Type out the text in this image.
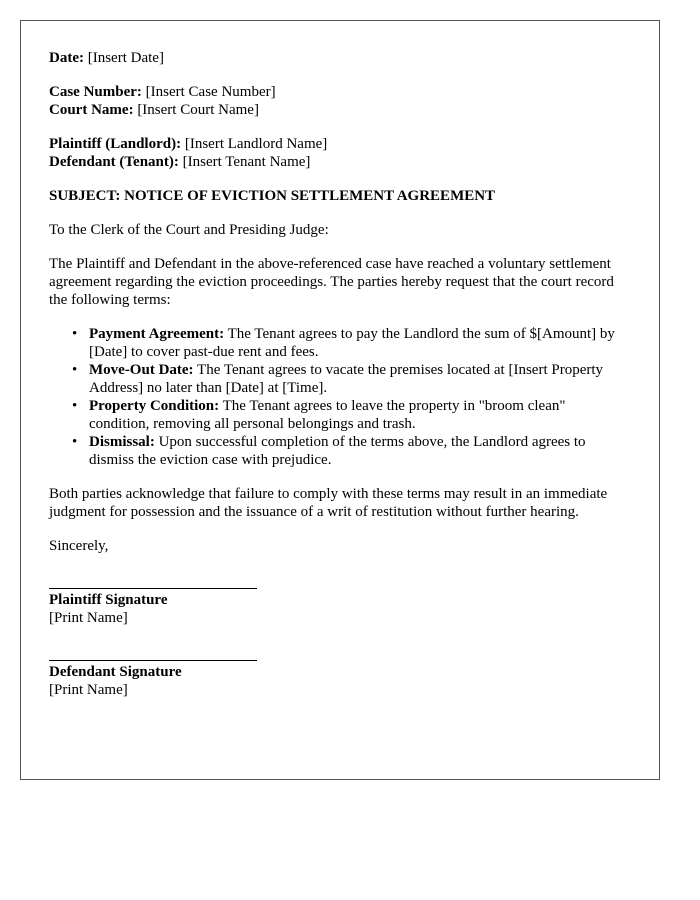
Date: [Insert Date]

Case Number: [Insert Case Number]

Court Name: [Insert Court Name]

Plaintiff (Landlord): [Insert Landlord Name]

Defendant (Tenant): [Insert Tenant Name]

SUBJECT: NOTICE OF EVICTION SETTLEMENT AGREEMENT

To the Clerk of the Court and Presiding Judge:

The Plaintiff and Defendant in the above-referenced case have reached a voluntary settlement agreement regarding the eviction proceedings. The parties hereby request that the court record the following terms:

• Payment Agreement: The Tenant agrees to pay the Landlord the sum of $[Amount] by [Date] to cover past-due rent and fees.
• Move-Out Date: The Tenant agrees to vacate the premises located at [Insert Property Address] no later than [Date] at [Time].
• Property Condition: The Tenant agrees to leave the property in "broom clean" condition, removing all personal belongings and trash.
• Dismissal: Upon successful completion of the terms above, the Landlord agrees to dismiss the eviction case with prejudice.

Both parties acknowledge that failure to comply with these terms may result in an immediate judgment for possession and the issuance of a writ of restitution without further hearing.

Sincerely,

Plaintiff Signature

[Print Name]

Defendant Signature

[Print Name]
